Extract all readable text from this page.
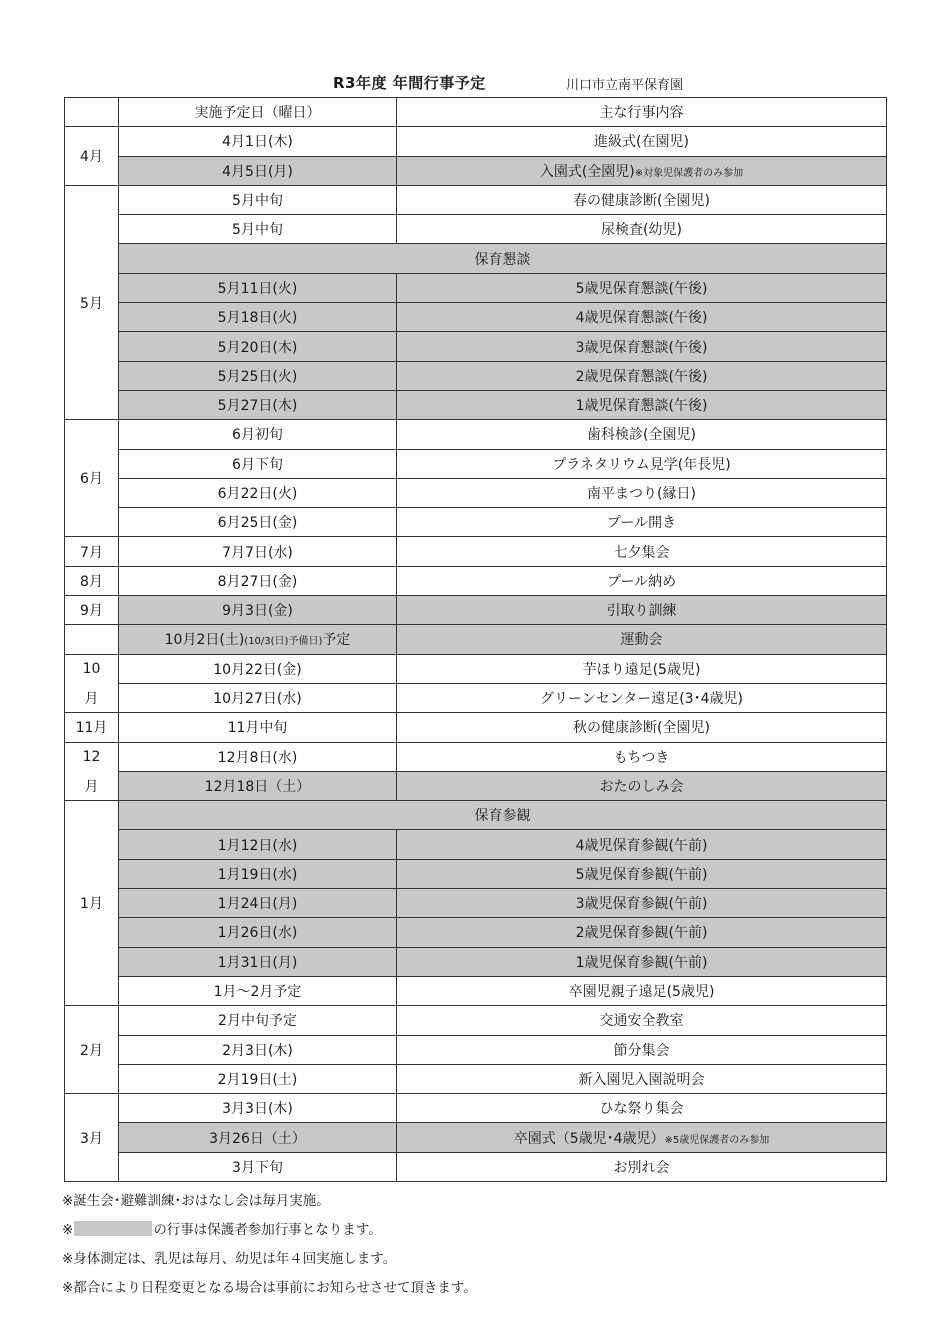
R3年度 年間行事予定	川口市立南平保育園
	実施予定日（曜日）	主な行事内容
4月	4月1日(木)	進級式(在園児)
	4月5日(月)	入園式(全園児)※対象児保護者のみ参加
5月	5月中旬	春の健康診断(全園児)
	5月中旬	尿検査(幼児)
	保育懇談	
	5月11日(火)	5歳児保育懇談(午後)
	5月18日(火)	4歳児保育懇談(午後)
	5月20日(木)	3歳児保育懇談(午後)
	5月25日(火)	2歳児保育懇談(午後)
	5月27日(木)	1歳児保育懇談(午後)
6月	6月初旬	歯科検診(全園児)
	6月下旬	プラネタリウム見学(年長児)
	6月22日(火)	南平まつり(縁日)
	6月25日(金)	プール開き
7月	7月7日(水)	七夕集会
8月	8月27日(金)	プール納め
9月	9月3日(金)	引取り訓練
	10月2日(土)(10/3(日)予備日)予定	運動会
10	10月22日(金)	芋ほり遠足(5歳児)
月	10月27日(水)	グリーンセンター遠足(3･4歳児)
11月	11月中旬	秋の健康診断(全園児)
12	12月8日(水)	もちつき
月	12月18日（土）	おたのしみ会
1月	保育参観	
	1月12日(水)	4歳児保育参観(午前)
	1月19日(水)	5歳児保育参観(午前)
	1月24日(月)	3歳児保育参観(午前)
	1月26日(水)	2歳児保育参観(午前)
	1月31日(月)	1歳児保育参観(午前)
	1月～2月予定	卒園児親子遠足(5歳児)
2月	2月中旬予定	交通安全教室
	2月3日(木)	節分集会
	2月19日(土)	新入園児入園説明会
3月	3月3日(木)	ひな祭り集会
	3月26日（土）	卒園式（5歳児･4歳児）※5歳児保護者のみ参加
	3月下旬	お別れ会
※誕生会･避難訓練･おはなし会は毎月実施。
※	の行事は保護者参加行事となります。
※身体測定は、乳児は毎月、幼児は年４回実施します。
※都合により日程変更となる場合は事前にお知らせさせて頂きます。
